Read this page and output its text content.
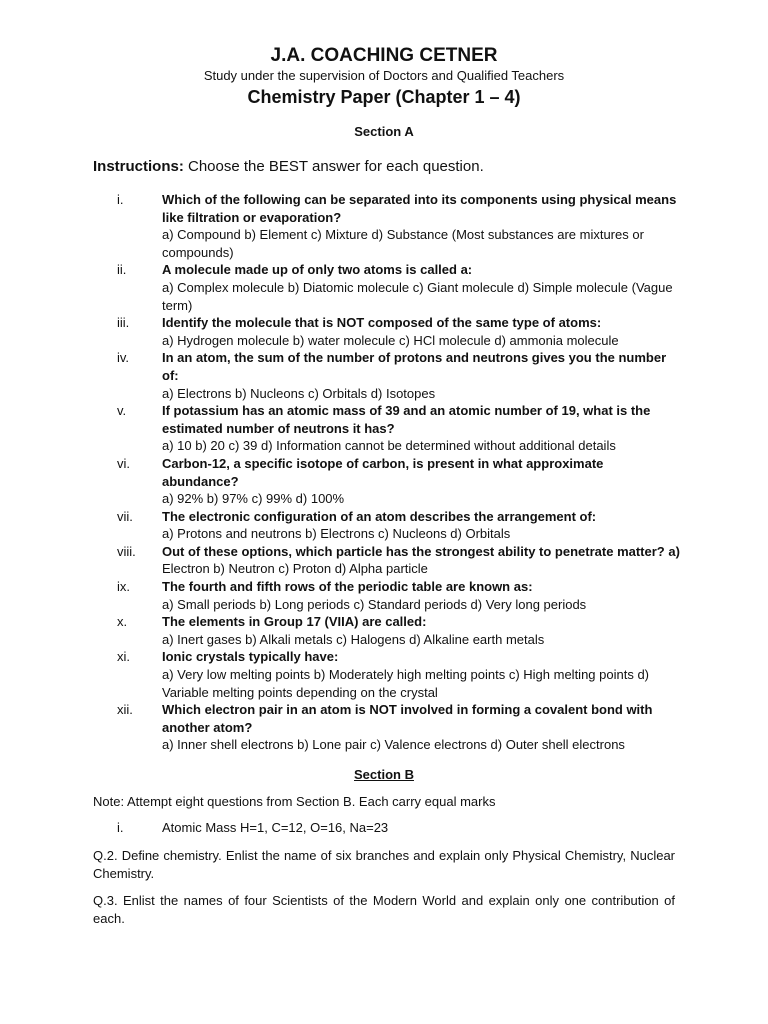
J.A. COACHING CETNER
Study under the supervision of Doctors and Qualified Teachers
Chemistry Paper (Chapter 1 – 4)
Section A
Instructions: Choose the BEST answer for each question.
i.	Which of the following can be separated into its components using physical means like filtration or evaporation?
a) Compound b) Element c) Mixture d) Substance (Most substances are mixtures or compounds)
ii.	A molecule made up of only two atoms is called a:
a) Complex molecule b) Diatomic molecule c) Giant molecule d) Simple molecule (Vague term)
iii.	Identify the molecule that is NOT composed of the same type of atoms:
a) Hydrogen molecule b) water molecule c) HCl molecule d) ammonia molecule
iv.	In an atom, the sum of the number of protons and neutrons gives you the number of:
a) Electrons b) Nucleons c) Orbitals d) Isotopes
v.	If potassium has an atomic mass of 39 and an atomic number of 19, what is the estimated number of neutrons it has?
a) 10 b) 20 c) 39 d) Information cannot be determined without additional details
vi.	Carbon-12, a specific isotope of carbon, is present in what approximate abundance?
a) 92% b) 97% c) 99% d) 100%
vii.	The electronic configuration of an atom describes the arrangement of:
a) Protons and neutrons b) Electrons c) Nucleons d) Orbitals
viii.	Out of these options, which particle has the strongest ability to penetrate matter? a) Electron b) Neutron c) Proton d) Alpha particle
ix.	The fourth and fifth rows of the periodic table are known as:
a) Small periods b) Long periods c) Standard periods d) Very long periods
x.	The elements in Group 17 (VIIA) are called:
a) Inert gases b) Alkali metals c) Halogens d) Alkaline earth metals
xi.	Ionic crystals typically have:
a) Very low melting points b) Moderately high melting points c) High melting points d) Variable melting points depending on the crystal
xii.	Which electron pair in an atom is NOT involved in forming a covalent bond with another atom?
a) Inner shell electrons b) Lone pair c) Valence electrons d) Outer shell electrons
Section B
Note: Attempt eight questions from Section B. Each carry equal marks
i.	Atomic Mass H=1, C=12, O=16, Na=23
Q.2. Define chemistry. Enlist the name of six branches and explain only Physical Chemistry, Nuclear Chemistry.
Q.3. Enlist the names of four Scientists of the Modern World and explain only one contribution of each.
